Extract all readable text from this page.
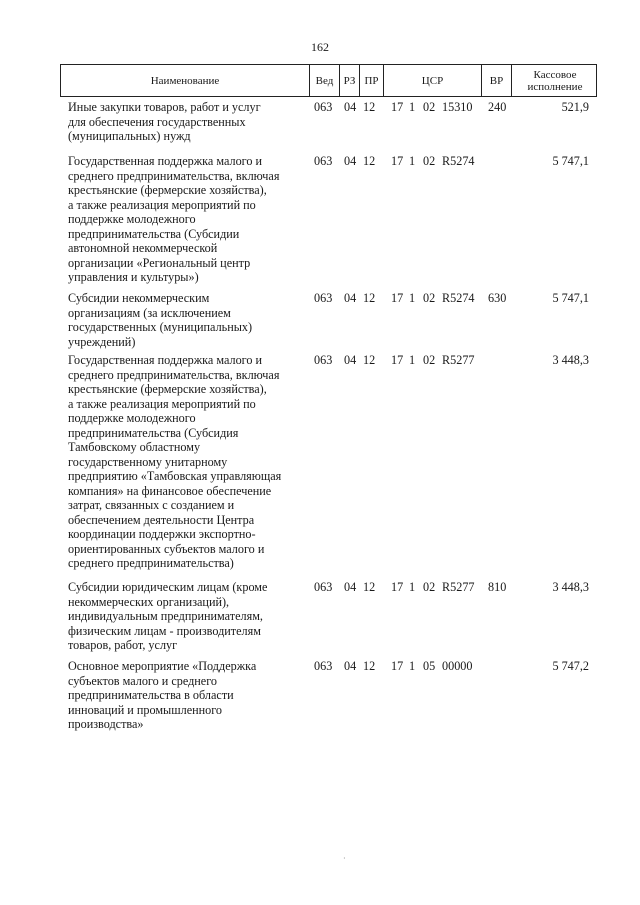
162
Наименование	Вед РЗ ПР	ЦСР	ВР	Кассовое
исполнение
Иные закупки товаров, работ и услуг
для обеспечения государственных
(муниципальных) нужд
063 04 12 17 1 02 15310 240	521,9
Государственная поддержка малого и
среднего предпринимательства, включая
крестьянские (фермерские хозяйства),
а также реализация мероприятий по
поддержке молодежного
предпринимательства (Субсидии
автономной некоммерческой
организации «Региональный центр
управления и культуры»)
063 04 12 17 1 02 R5274	5 747,1
Субсидии некоммерческим
организациям (за исключением
государственных (муниципальных)
учреждений)
063 04 12 17 1 02 R5274 630	5 747,1
Государственная поддержка малого и
среднего предпринимательства, включая
крестьянские (фермерские хозяйства),
а также реализация мероприятий по
поддержке молодежного
предпринимательства (Субсидия
Тамбовскому областному
государственному унитарному
предприятию «Тамбовская управляющая
компания» на финансовое обеспечение
затрат, связанных с созданием и
обеспечением деятельности Центра
координации поддержки экспортно-
ориентированных субъектов малого и
среднего предпринимательства)
063 04 12 17 1 02 R5277	3 448,3
Субсидии юридическим лицам (кроме
некоммерческих организаций),
индивидуальным предпринимателям,
физическим лицам - производителям
товаров, работ, услуг
063 04 12 17 1 02 R5277 810	3 448,3
Основное мероприятие «Поддержка
субъектов малого и среднего
предпринимательства в области
инноваций и промышленного
производства»
063 04 12 17 1 05 00000	5 747,2
·
